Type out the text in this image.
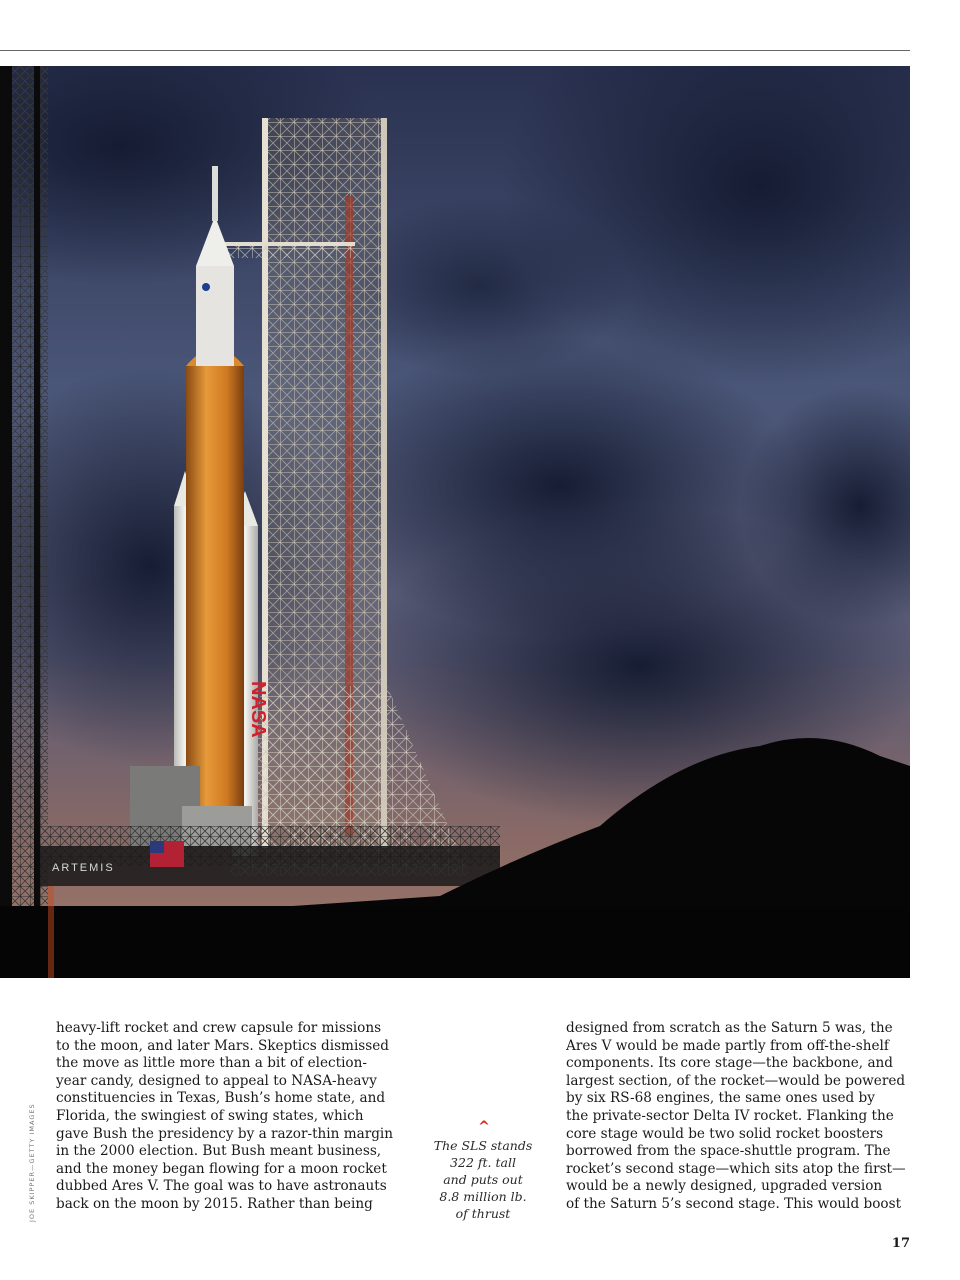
NASA
ARTEMIS
JOE SKIPPER—GETTY IMAGES

heavy-lift rocket and crew capsule for missions
to the moon, and later Mars. Skeptics dismissed
the move as little more than a bit of election-
year candy, designed to appeal to NASA-heavy
constituencies in Texas, Bush’s home state, and
Florida, the swingiest of swing states, which
gave Bush the presidency by a razor-thin margin
in the 2000 election. But Bush meant business,
and the money began flowing for a moon rocket
dubbed Ares V. The goal was to have astronauts
back on the moon by 2015. Rather than being

^
The SLS stands
322 ft. tall
and puts out
8.8 million lb.
of thrust

designed from scratch as the Saturn 5 was, the
Ares V would be made partly from off-the-shelf
components. Its core stage—the backbone, and
largest section, of the rocket—would be powered
by six RS-68 engines, the same ones used by
the private-sector Delta IV rocket. Flanking the
core stage would be two solid rocket boosters
borrowed from the space-shuttle program. The
rocket’s second stage—which sits atop the first—
would be a newly designed, upgraded version
of the Saturn 5’s second stage. This would boost

17
